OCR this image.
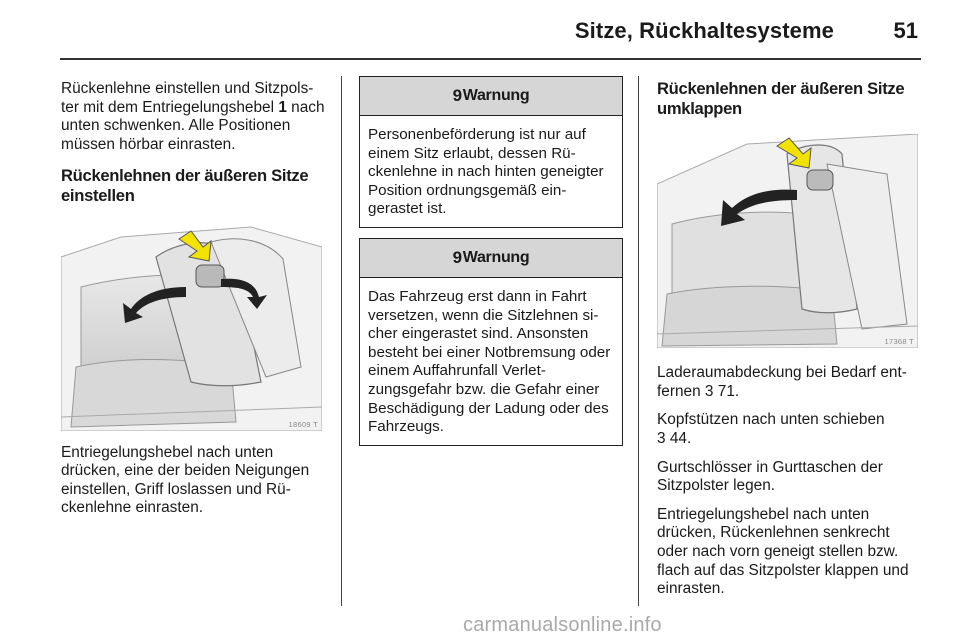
Sitze, Rückhaltesysteme	51

Rückenlehne einstellen und Sitzpolster mit dem Entriegelungshebel 1 nach unten schwenken. Alle Positionen müssen hörbar einrasten.

Rückenlehnen der äußeren Sitze einstellen
18609 T

Entriegelungshebel nach unten drücken, eine der beiden Neigungen einstellen, Griff loslassen und Rückenlehne einrasten.

9 Warnung

Personenbeförderung ist nur auf einem Sitz erlaubt, dessen Rückenlehne in nach hinten geneigter Position ordnungsgemäß eingerastet ist.

9 Warnung

Das Fahrzeug erst dann in Fahrt versetzen, wenn die Sitzlehnen sicher eingerastet sind. Ansonsten besteht bei einer Notbremsung oder einem Auffahrunfall Verletzungsgefahr bzw. die Gefahr einer Beschädigung der Ladung oder des Fahrzeugs.

Rückenlehnen der äußeren Sitze umklappen
17368 T

Laderaumabdeckung bei Bedarf entfernen 3 71.

Kopfstützen nach unten schieben
3 44.

Gurtschlösser in Gurttaschen der Sitzpolster legen.

Entriegelungshebel nach unten drücken, Rückenlehnen senkrecht oder nach vorn geneigt stellen bzw. flach auf das Sitzpolster klappen und einrasten.

carmanualsonline.info
